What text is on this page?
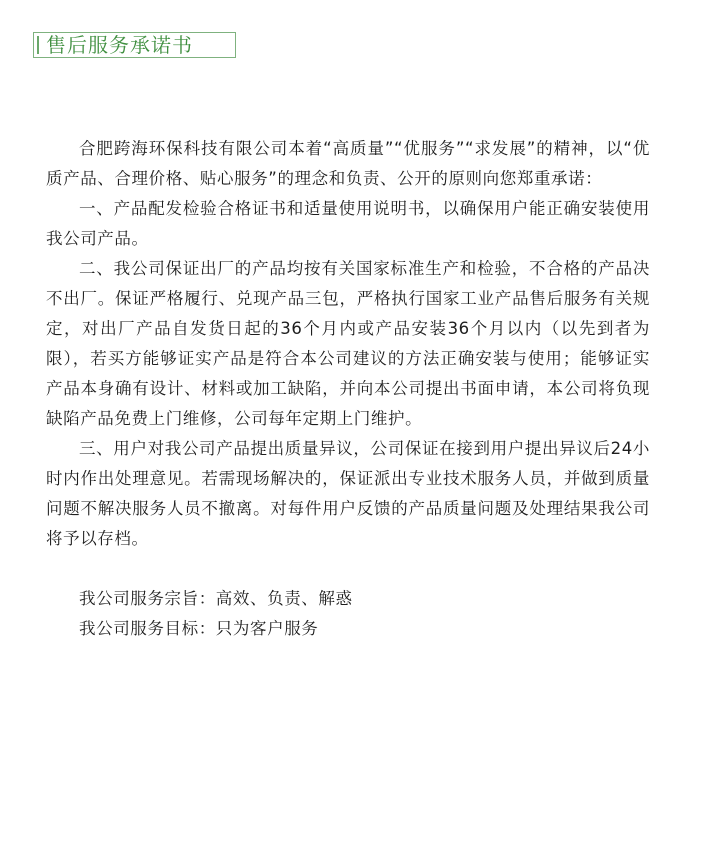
售后服务承诺书

合肥跨海环保科技有限公司本着“高质量”“优服务”“求发展”的精神，以“优质产品、合理价格、贴心服务”的理念和负责、公开的原则向您郑重承诺：

一、产品配发检验合格证书和适量使用说明书，以确保用户能正确安装使用我公司产品。

二、我公司保证出厂的产品均按有关国家标准生产和检验，不合格的产品决不出厂。保证严格履行、兑现产品三包，严格执行国家工业产品售后服务有关规定，对出厂产品自发货日起的36个月内或产品安装36个月以内（以先到者为限），若买方能够证实产品是符合本公司建议的方法正确安装与使用；能够证实产品本身确有设计、材料或加工缺陷，并向本公司提出书面申请，本公司将负现缺陷产品免费上门维修，公司每年定期上门维护。

三、用户对我公司产品提出质量异议，公司保证在接到用户提出异议后24小时内作出处理意见。若需现场解决的，保证派出专业技术服务人员，并做到质量问题不解决服务人员不撤离。对每件用户反馈的产品质量问题及处理结果我公司将予以存档。

我公司服务宗旨：高效、负责、解惑

我公司服务目标：只为客户服务
